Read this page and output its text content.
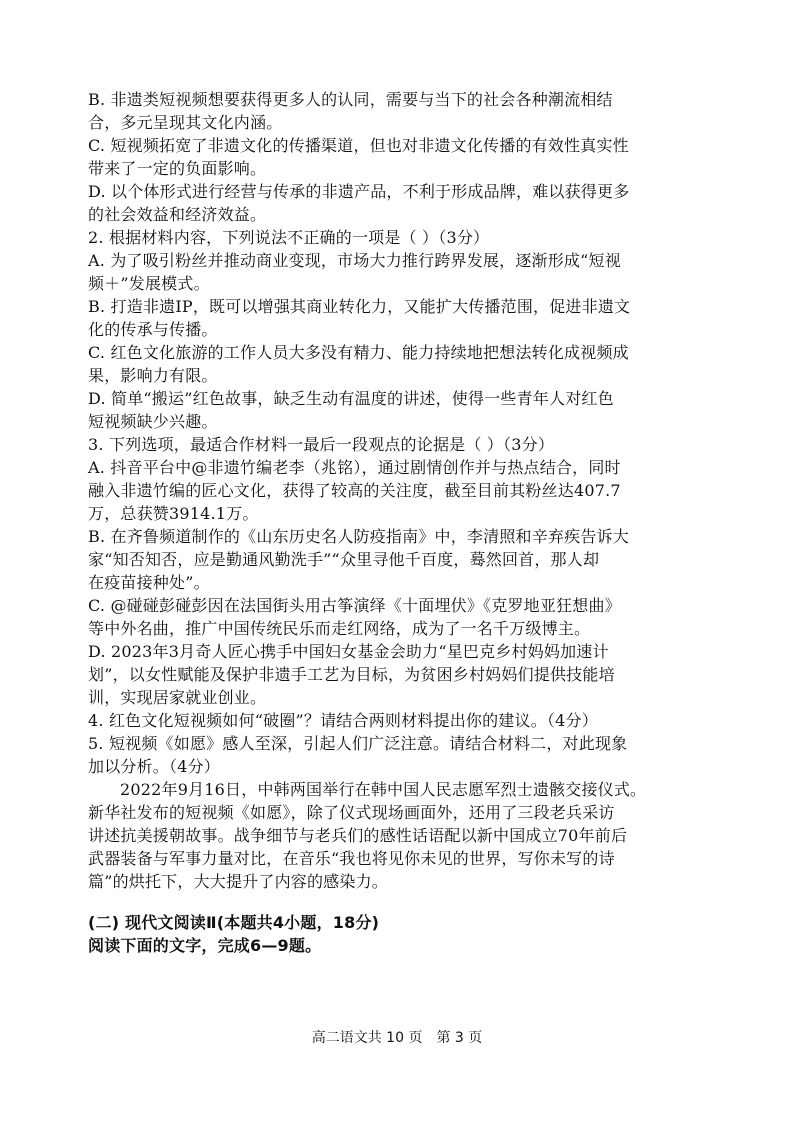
B. 非遗类短视频想要获得更多人的认同，需要与当下的社会各种潮流相结

合，多元呈现其文化内涵。

C. 短视频拓宽了非遗文化的传播渠道，但也对非遗文化传播的有效性真实性

带来了一定的负面影响。

D. 以个体形式进行经营与传承的非遗产品，不利于形成品牌，难以获得更多

的社会效益和经济效益。

2. 根据材料内容，下列说法不正确的一项是（ ）（3分）

A. 为了吸引粉丝并推动商业变现，市场大力推行跨界发展，逐渐形成“短视

频＋”发展模式。

B. 打造非遗IP，既可以增强其商业转化力，又能扩大传播范围，促进非遗文

化的传承与传播。

C. 红色文化旅游的工作人员大多没有精力、能力持续地把想法转化成视频成

果，影响力有限。

D. 简单“搬运”红色故事，缺乏生动有温度的讲述，使得一些青年人对红色

短视频缺少兴趣。

3. 下列选项，最适合作材料一最后一段观点的论据是（ ）（3分）

A. 抖音平台中@非遗竹编老李（兆铭），通过剧情创作并与热点结合，同时

融入非遗竹编的匠心文化，获得了较高的关注度，截至目前其粉丝达407.7

万，总获赞3914.1万。

B. 在齐鲁频道制作的《山东历史名人防疫指南》中，李清照和辛弃疾告诉大

家“知否知否，应是勤通风勤洗手”“众里寻他千百度，蓦然回首，那人却

在疫苗接种处”。

C. @碰碰彭碰彭因在法国街头用古筝演绎《十面埋伏》《克罗地亚狂想曲》

等中外名曲，推广中国传统民乐而走红网络，成为了一名千万级博主。

D. 2023年3月奇人匠心携手中国妇女基金会助力“星巴克乡村妈妈加速计

划”，以女性赋能及保护非遗手工艺为目标，为贫困乡村妈妈们提供技能培

训，实现居家就业创业。

4. 红色文化短视频如何“破圈”？请结合两则材料提出你的建议。（4分）

5. 短视频《如愿》感人至深，引起人们广泛注意。请结合材料二，对此现象

加以分析。（4分）

2022年9月16日，中韩两国举行在韩中国人民志愿军烈士遗骸交接仪式。

新华社发布的短视频《如愿》，除了仪式现场画面外，还用了三段老兵采访

讲述抗美援朝故事。战争细节与老兵们的感性话语配以新中国成立70年前后

武器装备与军事力量对比，在音乐“我也将见你未见的世界，写你未写的诗

篇”的烘托下，大大提升了内容的感染力。

(二) 现代文阅读Ⅱ(本题共4小题，18分)

阅读下面的文字，完成6—9题。

高二语文共 10 页　第 3 页
